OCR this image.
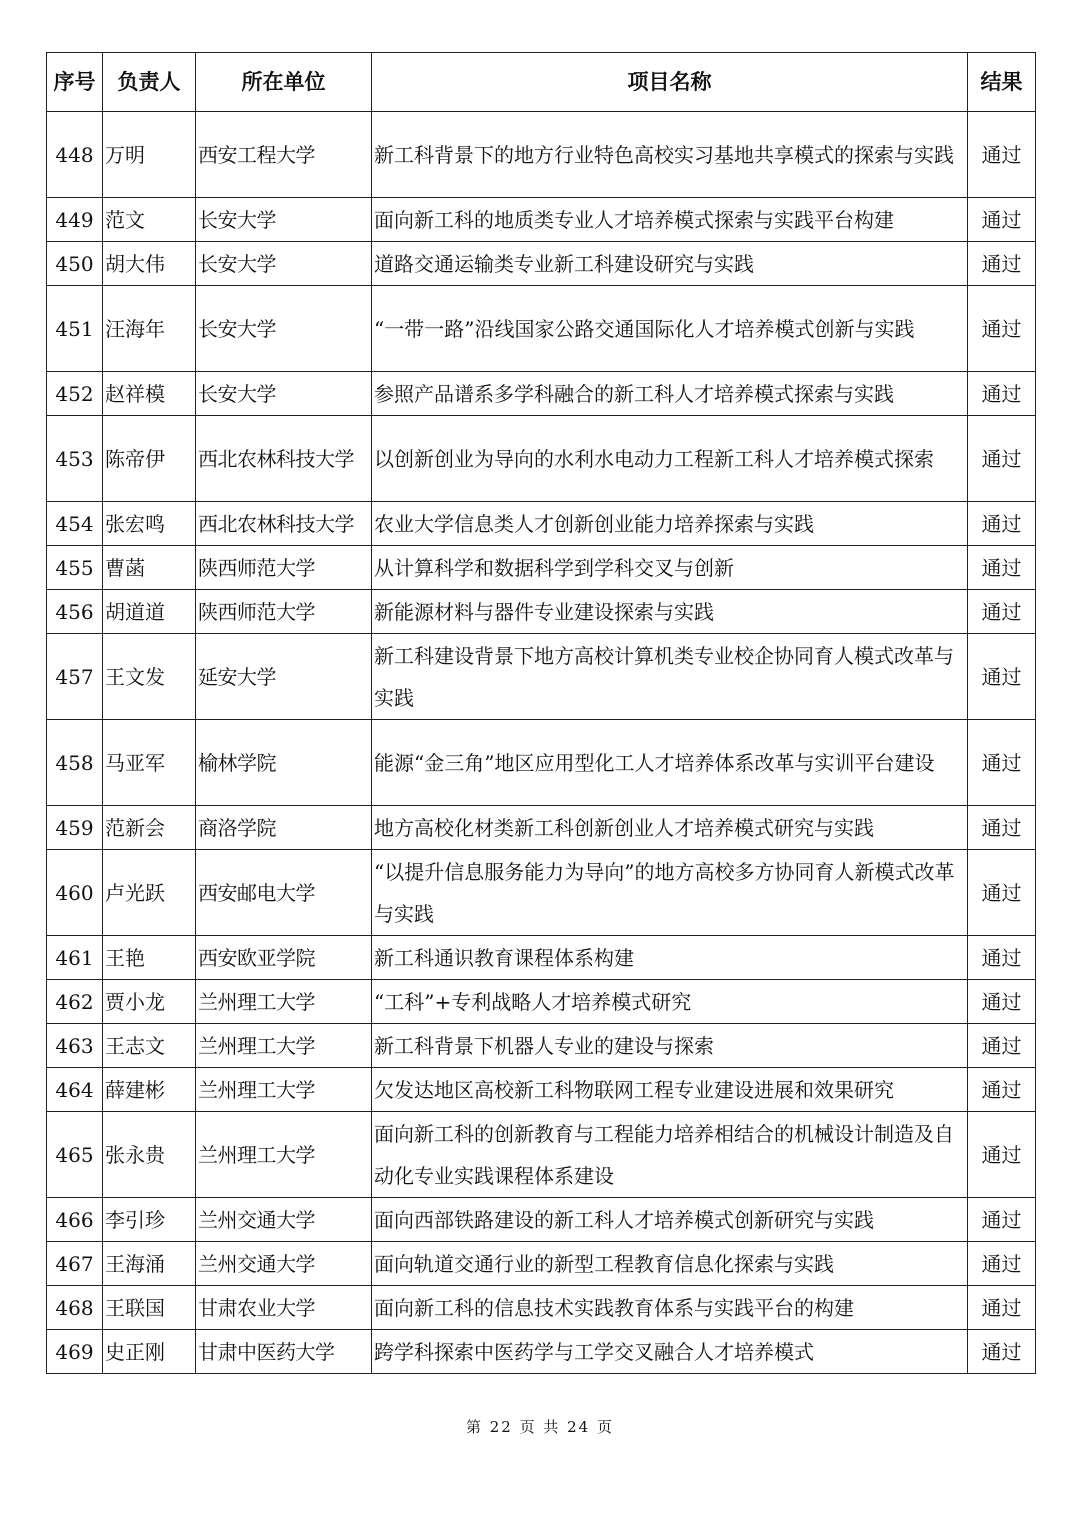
序号	负责人	所在单位	项目名称	结果
448	万明	西安工程大学	新工科背景下的地方行业特色高校实习基地共享模式的探索与实践	通过
449	范文	长安大学	面向新工科的地质类专业人才培养模式探索与实践平台构建	通过
450	胡大伟	长安大学	道路交通运输类专业新工科建设研究与实践	通过
451	汪海年	长安大学	“一带一路”沿线国家公路交通国际化人才培养模式创新与实践	通过
452	赵祥模	长安大学	参照产品谱系多学科融合的新工科人才培养模式探索与实践	通过
453	陈帝伊	西北农林科技大学	以创新创业为导向的水利水电动力工程新工科人才培养模式探索	通过
454	张宏鸣	西北农林科技大学	农业大学信息类人才创新创业能力培养探索与实践	通过
455	曹菡	陕西师范大学	从计算科学和数据科学到学科交叉与创新	通过
456	胡道道	陕西师范大学	新能源材料与器件专业建设探索与实践	通过
457	王文发	延安大学	新工科建设背景下地方高校计算机类专业校企协同育人模式改革与实践	通过
458	马亚军	榆林学院	能源“金三角”地区应用型化工人才培养体系改革与实训平台建设	通过
459	范新会	商洛学院	地方高校化材类新工科创新创业人才培养模式研究与实践	通过
460	卢光跃	西安邮电大学	“以提升信息服务能力为导向”的地方高校多方协同育人新模式改革与实践	通过
461	王艳	西安欧亚学院	新工科通识教育课程体系构建	通过
462	贾小龙	兰州理工大学	“工科”+专利战略人才培养模式研究	通过
463	王志文	兰州理工大学	新工科背景下机器人专业的建设与探索	通过
464	薛建彬	兰州理工大学	欠发达地区高校新工科物联网工程专业建设进展和效果研究	通过
465	张永贵	兰州理工大学	面向新工科的创新教育与工程能力培养相结合的机械设计制造及自动化专业实践课程体系建设	通过
466	李引珍	兰州交通大学	面向西部铁路建设的新工科人才培养模式创新研究与实践	通过
467	王海涌	兰州交通大学	面向轨道交通行业的新型工程教育信息化探索与实践	通过
468	王联国	甘肃农业大学	面向新工科的信息技术实践教育体系与实践平台的构建	通过
469	史正刚	甘肃中医药大学	跨学科探索中医药学与工学交叉融合人才培养模式	通过
第 22 页 共 24 页
